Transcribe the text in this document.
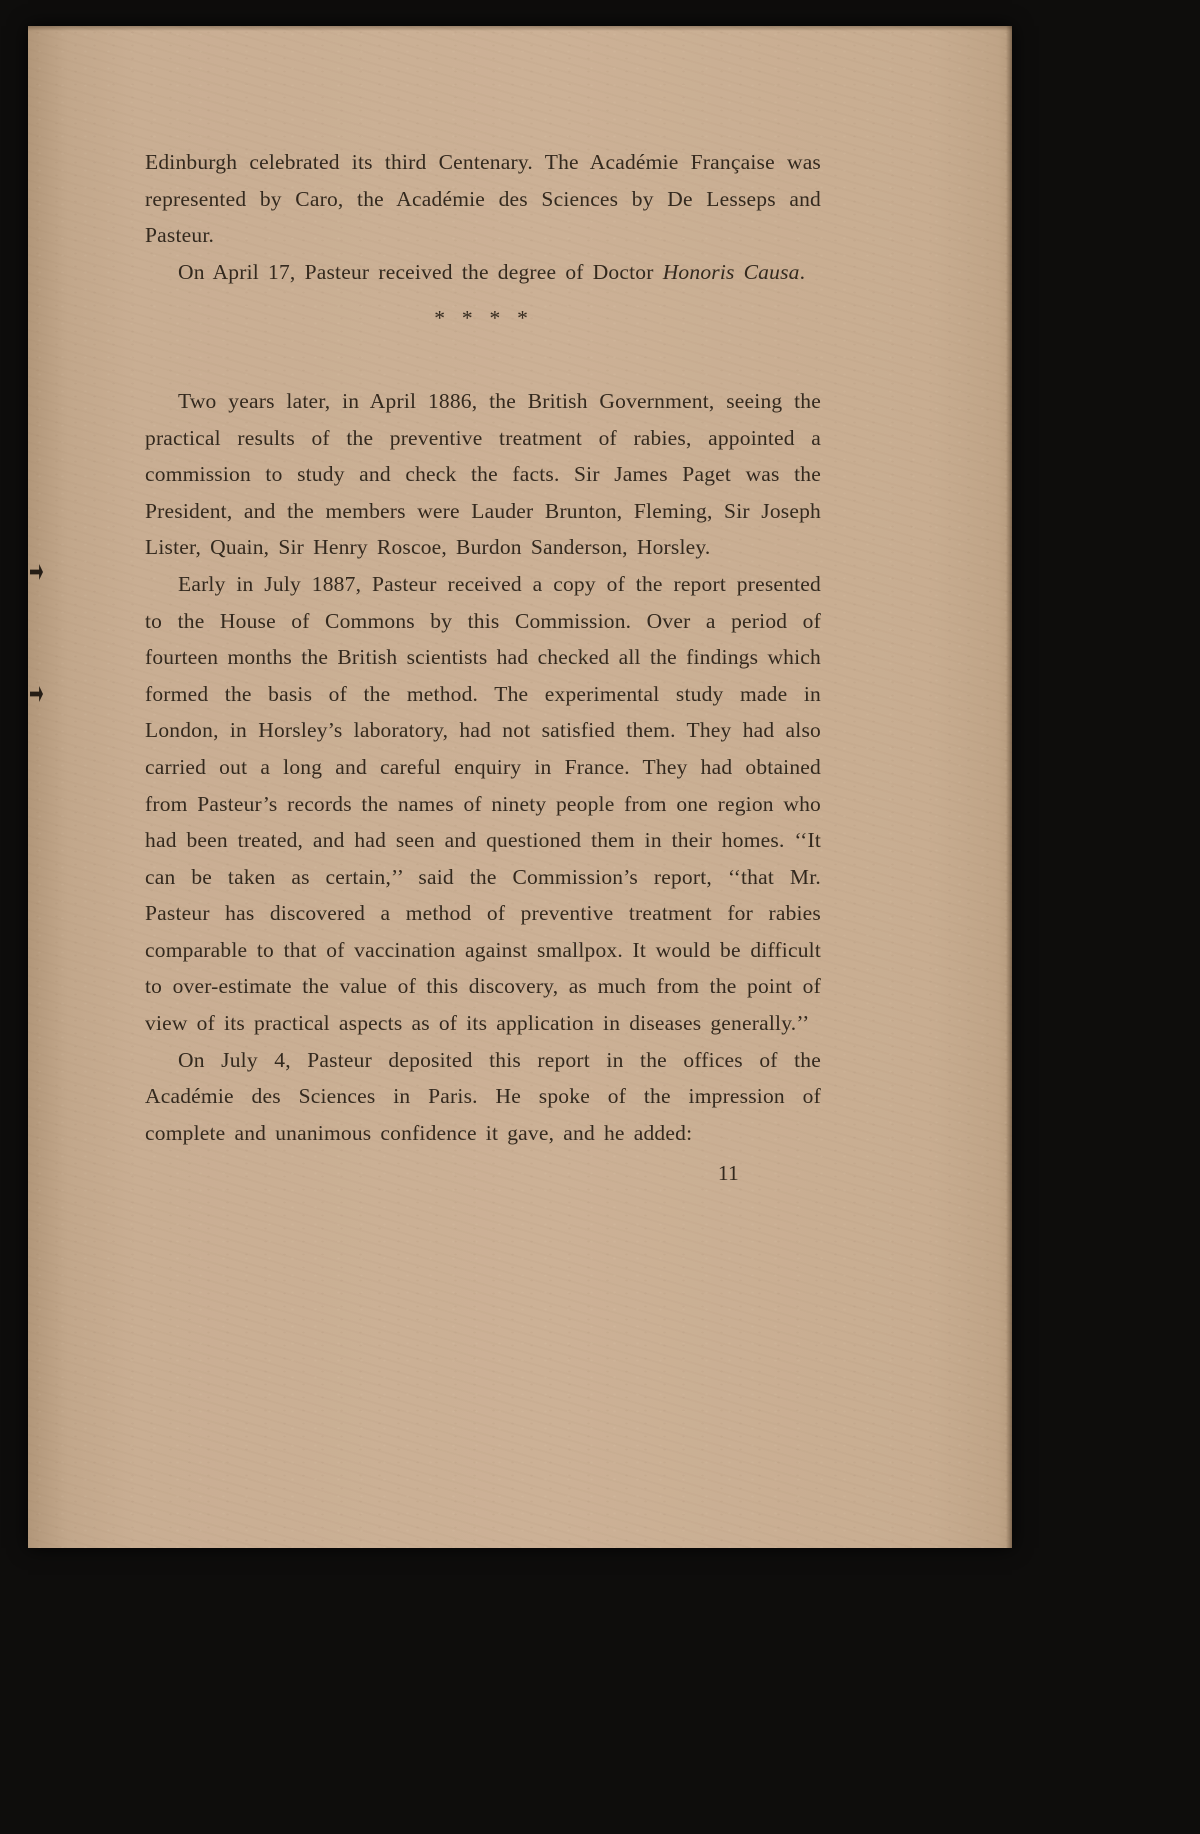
Edinburgh celebrated its third Centenary. The Académie Française was represented by Caro, the Académie des Sciences by De Lesseps and Pasteur.

On April 17, Pasteur received the degree of Doctor Honoris Causa.

* * * *

Two years later, in April 1886, the British Government, seeing the practical results of the preventive treatment of rabies, appointed a commission to study and check the facts. Sir James Paget was the President, and the members were Lauder Brunton, Fleming, Sir Joseph Lister, Quain, Sir Henry Roscoe, Burdon Sanderson, Horsley.

Early in July 1887, Pasteur received a copy of the report presented to the House of Commons by this Commission. Over a period of fourteen months the British scientists had checked all the findings which formed the basis of the method. The experimental study made in London, in Horsley’s laboratory, had not satisfied them. They had also carried out a long and careful enquiry in France. They had obtained from Pasteur’s records the names of ninety people from one region who had been treated, and had seen and questioned them in their homes. ‘‘It can be taken as certain,’’ said the Commission’s report, ‘‘that Mr. Pasteur has discovered a method of preventive treatment for rabies comparable to that of vaccination against smallpox. It would be difficult to over-estimate the value of this discovery, as much from the point of view of its practical aspects as of its application in diseases generally.’’

On July 4, Pasteur deposited this report in the offices of the Académie des Sciences in Paris. He spoke of the impression of complete and unanimous confidence it gave, and he added:

11
